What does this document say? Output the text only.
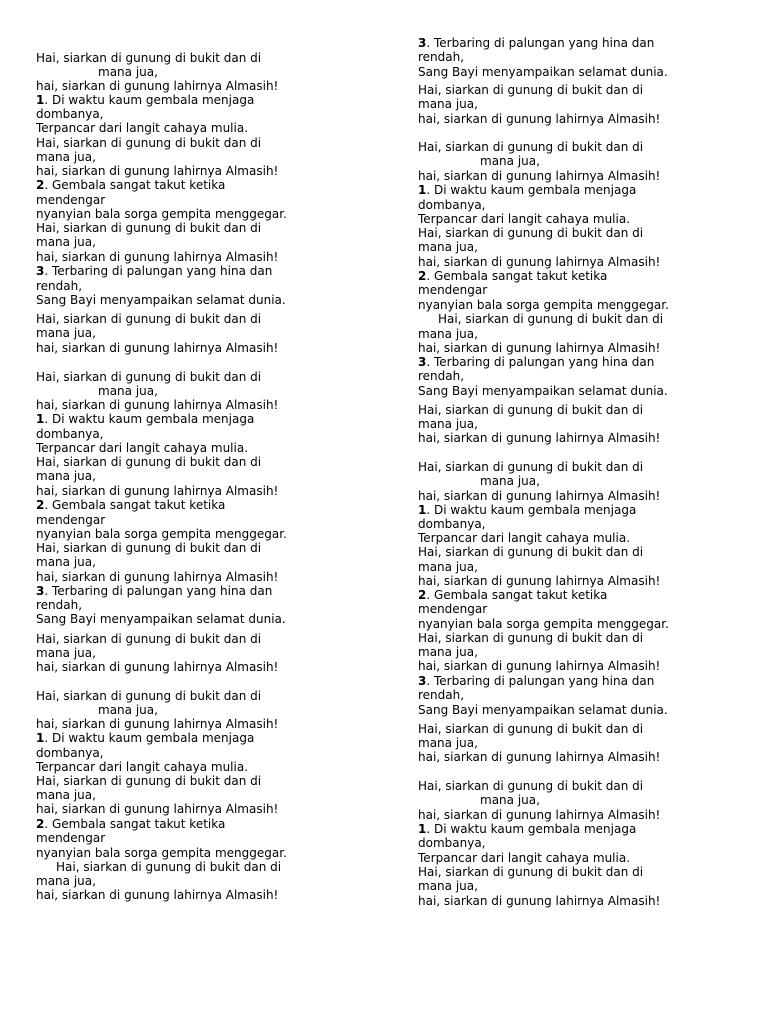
Hai, siarkan di gunung di bukit dan di
mana jua,
hai, siarkan di gunung lahirnya Almasih!
1. Di waktu kaum gembala menjaga
dombanya,
Terpancar dari langit cahaya mulia.
Hai, siarkan di gunung di bukit dan di
mana jua,
hai, siarkan di gunung lahirnya Almasih!
2. Gembala sangat takut ketika
mendengar
nyanyian bala sorga gempita menggegar.
Hai, siarkan di gunung di bukit dan di
mana jua,
hai, siarkan di gunung lahirnya Almasih!
3. Terbaring di palungan yang hina dan
rendah,
Sang Bayi menyampaikan selamat dunia.
Hai, siarkan di gunung di bukit dan di
mana jua,
hai, siarkan di gunung lahirnya Almasih!
Hai, siarkan di gunung di bukit dan di
mana jua,
hai, siarkan di gunung lahirnya Almasih!
1. Di waktu kaum gembala menjaga
dombanya,
Terpancar dari langit cahaya mulia.
Hai, siarkan di gunung di bukit dan di
mana jua,
hai, siarkan di gunung lahirnya Almasih!
2. Gembala sangat takut ketika
mendengar
nyanyian bala sorga gempita menggegar.
Hai, siarkan di gunung di bukit dan di
mana jua,
hai, siarkan di gunung lahirnya Almasih!
3. Terbaring di palungan yang hina dan
rendah,
Sang Bayi menyampaikan selamat dunia.
Hai, siarkan di gunung di bukit dan di
mana jua,
hai, siarkan di gunung lahirnya Almasih!
Hai, siarkan di gunung di bukit dan di
mana jua,
hai, siarkan di gunung lahirnya Almasih!
1. Di waktu kaum gembala menjaga
dombanya,
Terpancar dari langit cahaya mulia.
Hai, siarkan di gunung di bukit dan di
mana jua,
hai, siarkan di gunung lahirnya Almasih!
2. Gembala sangat takut ketika
mendengar
nyanyian bala sorga gempita menggegar.
Hai, siarkan di gunung di bukit dan di
mana jua,
hai, siarkan di gunung lahirnya Almasih!
3. Terbaring di palungan yang hina dan
rendah,
Sang Bayi menyampaikan selamat dunia.
Hai, siarkan di gunung di bukit dan di
mana jua,
hai, siarkan di gunung lahirnya Almasih!
Hai, siarkan di gunung di bukit dan di
mana jua,
hai, siarkan di gunung lahirnya Almasih!
1. Di waktu kaum gembala menjaga
dombanya,
Terpancar dari langit cahaya mulia.
Hai, siarkan di gunung di bukit dan di
mana jua,
hai, siarkan di gunung lahirnya Almasih!
2. Gembala sangat takut ketika
mendengar
nyanyian bala sorga gempita menggegar.
Hai, siarkan di gunung di bukit dan di
mana jua,
hai, siarkan di gunung lahirnya Almasih!
3. Terbaring di palungan yang hina dan
rendah,
Sang Bayi menyampaikan selamat dunia.
Hai, siarkan di gunung di bukit dan di
mana jua,
hai, siarkan di gunung lahirnya Almasih!
Hai, siarkan di gunung di bukit dan di
mana jua,
hai, siarkan di gunung lahirnya Almasih!
1. Di waktu kaum gembala menjaga
dombanya,
Terpancar dari langit cahaya mulia.
Hai, siarkan di gunung di bukit dan di
mana jua,
hai, siarkan di gunung lahirnya Almasih!
2. Gembala sangat takut ketika
mendengar
nyanyian bala sorga gempita menggegar.
Hai, siarkan di gunung di bukit dan di
mana jua,
hai, siarkan di gunung lahirnya Almasih!
3. Terbaring di palungan yang hina dan
rendah,
Sang Bayi menyampaikan selamat dunia.
Hai, siarkan di gunung di bukit dan di
mana jua,
hai, siarkan di gunung lahirnya Almasih!
Hai, siarkan di gunung di bukit dan di
mana jua,
hai, siarkan di gunung lahirnya Almasih!
1. Di waktu kaum gembala menjaga
dombanya,
Terpancar dari langit cahaya mulia.
Hai, siarkan di gunung di bukit dan di
mana jua,
hai, siarkan di gunung lahirnya Almasih!
